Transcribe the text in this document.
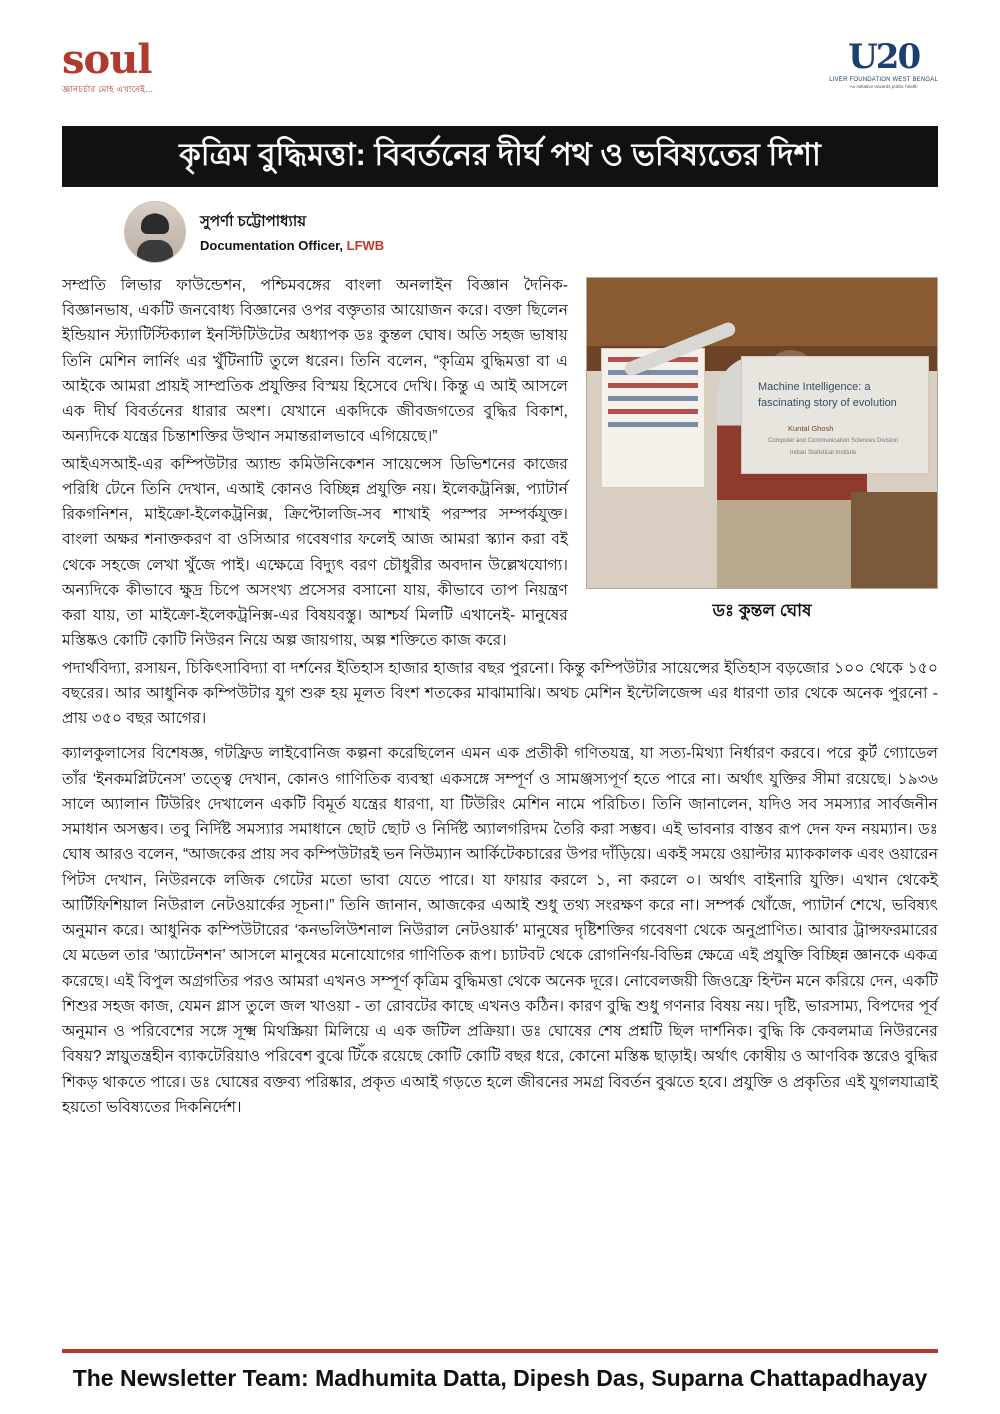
soul
জ্ঞানচর্চার মোহ এখানেই...
U20
LIVER FOUNDATION WEST BENGAL
An initiative towards public health
কৃত্রিম বুদ্ধিমত্তা: বিবর্তনের দীর্ঘ পথ ও ভবিষ্যতের দিশা
সুপর্ণা চট্টোপাধ্যায়
Documentation Officer, LFWB
Machine Intelligence: a
fascinating story of evolution
Kuntal Ghosh
Computer and Communication Sciences Division
Indian Statistical Institute
ডঃ কুন্তল ঘোষ

সম্প্রতি লিভার ফাউন্ডেশন, পশ্চিমবঙ্গের বাংলা অনলাইন বিজ্ঞান দৈনিক- বিজ্ঞানভাষ, একটি জনবোধ্য বিজ্ঞানের ওপর বক্তৃতার আয়োজন করে। বক্তা ছিলেন ইন্ডিয়ান স্ট্যাটিস্টিক্যাল ইনস্টিটিউটের অধ্যাপক ডঃ কুন্তল ঘোষ। অতি সহজ ভাষায় তিনি মেশিন লার্নিং এর খুঁটিনাটি তুলে ধরেন। তিনি বলেন, “কৃত্রিম বুদ্ধিমত্তা বা এ আইকে আমরা প্রায়ই সাম্প্রতিক প্রযুক্তির বিস্ময় হিসেবে দেখি। কিন্তু এ আই আসলে এক দীর্ঘ বিবর্তনের ধারার অংশ। যেখানে একদিকে জীবজগতের বুদ্ধির বিকাশ, অন্যদিকে যন্ত্রের চিন্তাশক্তির উত্থান সমান্তরালভাবে এগিয়েছে।”

আইএসআই-এর কম্পিউটার অ্যান্ড কমিউনিকেশন সায়েন্সেস ডিভিশনের কাজের পরিধি টেনে তিনি দেখান, এআই কোনও বিচ্ছিন্ন প্রযুক্তি নয়। ইলেকট্রনিক্স, প্যাটার্ন রিকগনিশন, মাইক্রো-ইলেকট্রনিক্স, ক্রিপ্টোলজি-সব শাখাই পরস্পর সম্পর্কযুক্ত। বাংলা অক্ষর শনাক্তকরণ বা ওসিআর গবেষণার ফলেই আজ আমরা স্ক্যান করা বই থেকে সহজে লেখা খুঁজে পাই। এক্ষেত্রে বিদ্যুৎ বরণ চৌধুরীর অবদান উল্লেখযোগ্য। অন্যদিকে কীভাবে ক্ষুদ্র চিপে অসংখ্য প্রসেসর বসানো যায়, কীভাবে তাপ নিয়ন্ত্রণ করা যায়, তা মাইক্রো-ইলেকট্রনিক্স-এর বিষয়বস্তু। আশ্চর্য মিলটি এখানেই- মানুষের মস্তিষ্কও কোটি কোটি নিউরন নিয়ে অল্প জায়গায়, অল্প শক্তিতে কাজ করে।

পদার্থবিদ্যা, রসায়ন, চিকিৎসাবিদ্যা বা দর্শনের ইতিহাস হাজার হাজার বছর পুরনো। কিন্তু কম্পিউটার সায়েন্সের ইতিহাস বড়জোর ১০০ থেকে ১৫০ বছরের। আর আধুনিক কম্পিউটার যুগ শুরু হয় মূলত বিংশ শতকের মাঝামাঝি। অথচ মেশিন ইন্টেলিজেন্স এর ধারণা তার থেকে অনেক পুরনো - প্রায় ৩৫০ বছর আগের।

ক্যালকুলাসের বিশেষজ্ঞ, গটফ্রিড লাইবোনিজ কল্পনা করেছিলেন এমন এক প্রতীকী গণিতযন্ত্র, যা সত্য-মিথ্যা নির্ধারণ করবে। পরে কুর্ট গ্যোডেল তাঁর ‘ইনকমপ্লিটনেস’ তত্ত্বে দেখান, কোনও গাণিতিক ব্যবস্থা একসঙ্গে সম্পূর্ণ ও সামঞ্জস্যপূর্ণ হতে পারে না। অর্থাৎ যুক্তির সীমা রয়েছে। ১৯৩৬ সালে অ্যালান টিউরিং দেখালেন একটি বিমূর্ত যন্ত্রের ধারণা, যা টিউরিং মেশিন নামে পরিচিত। তিনি জানালেন, যদিও সব সমস্যার সার্বজনীন সমাধান অসম্ভব। তবু নির্দিষ্ট সমস্যার সমাধানে ছোট ছোট ও নির্দিষ্ট অ্যালগরিদম তৈরি করা সম্ভব। এই ভাবনার বাস্তব রূপ দেন ফন নয়ম্যান। ডঃ ঘোষ আরও বলেন, “আজকের প্রায় সব কম্পিউটারই ভন নিউম্যান আর্কিটেকচারের উপর দাঁড়িয়ে। একই সময়ে ওয়াল্টার ম্যাককালক এবং ওয়ারেন পিটস দেখান, নিউরনকে লজিক গেটের মতো ভাবা যেতে পারে। যা ফায়ার করলে ১, না করলে ০। অর্থাৎ বাইনারি যুক্তি। এখান থেকেই আর্টিফিশিয়াল নিউরাল নেটওয়ার্কের সূচনা।” তিনি জানান, আজকের এআই শুধু তথ্য সংরক্ষণ করে না। সম্পর্ক খোঁজে, প্যাটার্ন শেখে, ভবিষ্যৎ অনুমান করে। আধুনিক কম্পিউটারের ‘কনভলিউশনাল নিউরাল নেটওয়ার্ক’ মানুষের দৃষ্টিশক্তির গবেষণা থেকে অনুপ্রাণিত। আবার ট্রান্সফরমারের যে মডেল তার ‘অ্যাটেনশন’ আসলে মানুষের মনোযোগের গাণিতিক রূপ। চ্যাটবট থেকে রোগনির্ণয়-বিভিন্ন ক্ষেত্রে এই প্রযুক্তি বিচ্ছিন্ন জ্ঞানকে একত্র করেছে। এই বিপুল অগ্রগতির পরও আমরা এখনও সম্পূর্ণ কৃত্রিম বুদ্ধিমত্তা থেকে অনেক দূরে। নোবেলজয়ী জিওফ্রে হিন্টন মনে করিয়ে দেন, একটি শিশুর সহজ কাজ, যেমন গ্লাস তুলে জল খাওয়া - তা রোবটের কাছে এখনও কঠিন। কারণ বুদ্ধি শুধু গণনার বিষয় নয়। দৃষ্টি, ভারসাম্য, বিপদের পূর্ব অনুমান ও পরিবেশের সঙ্গে সূক্ষ্ম মিথস্ক্রিয়া মিলিয়ে এ এক জটিল প্রক্রিয়া। ডঃ ঘোষের শেষ প্রশ্নটি ছিল দার্শনিক। বুদ্ধি কি কেবলমাত্র নিউরনের বিষয়? স্নায়ুতন্ত্রহীন ব্যাকটেরিয়াও পরিবেশ বুঝে টিঁকে রয়েছে কোটি কোটি বছর ধরে, কোনো মস্তিষ্ক ছাড়াই। অর্থাৎ কোষীয় ও আণবিক স্তরেও বুদ্ধির শিকড় থাকতে পারে। ডঃ ঘোষের বক্তব্য পরিষ্কার, প্রকৃত এআই গড়তে হলে জীবনের সমগ্র বিবর্তন বুঝতে হবে। প্রযুক্তি ও প্রকৃতির এই যুগলযাত্রাই হয়তো ভবিষ্যতের দিকনির্দেশ।

The Newsletter Team: Madhumita Datta, Dipesh Das, Suparna Chattapadhayay
